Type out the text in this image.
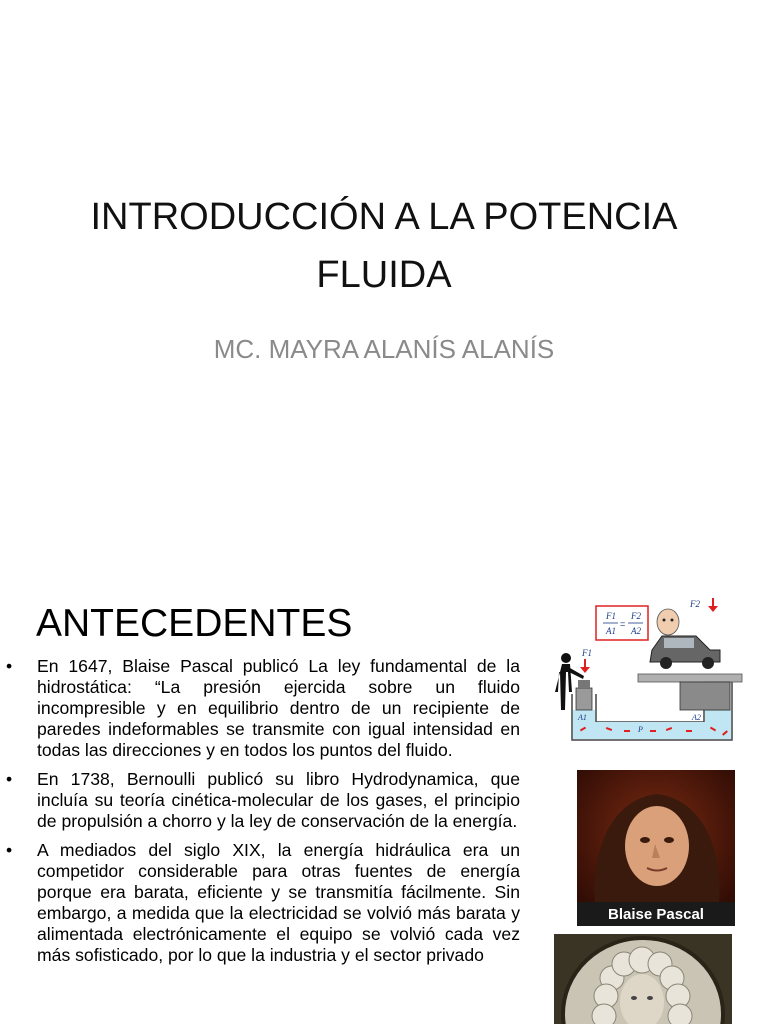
INTRODUCCIÓN A LA POTENCIA
FLUIDA
MC. MAYRA ALANÍS ALANÍS
ANTECEDENTES
• En 1647, Blaise Pascal publicó La ley fundamental de la hidrostática: “La presión ejercida sobre un fluido incompresible y en equilibrio dentro de un recipiente de paredes indeformables se transmite con igual intensidad en todas las direcciones y en todos los puntos del fluido.
• En 1738, Bernoulli publicó su libro Hydrodynamica, que incluía su teoría cinética-molecular de los gases, el principio de propulsión a chorro y la ley de conservación de la energía.
• A mediados del siglo XIX, la energía hidráulica era un competidor considerable para otras fuentes de energía porque era barata, eficiente y se transmitía fácilmente. Sin embargo, a medida que la electricidad se volvió más barata y alimentada electrónicamente el equipo se volvió cada vez más sofisticado, por lo que la industria y el sector privado
F1
A1
=
F2
A2
F2
F1
A1	A2
P
Blaise Pascal
